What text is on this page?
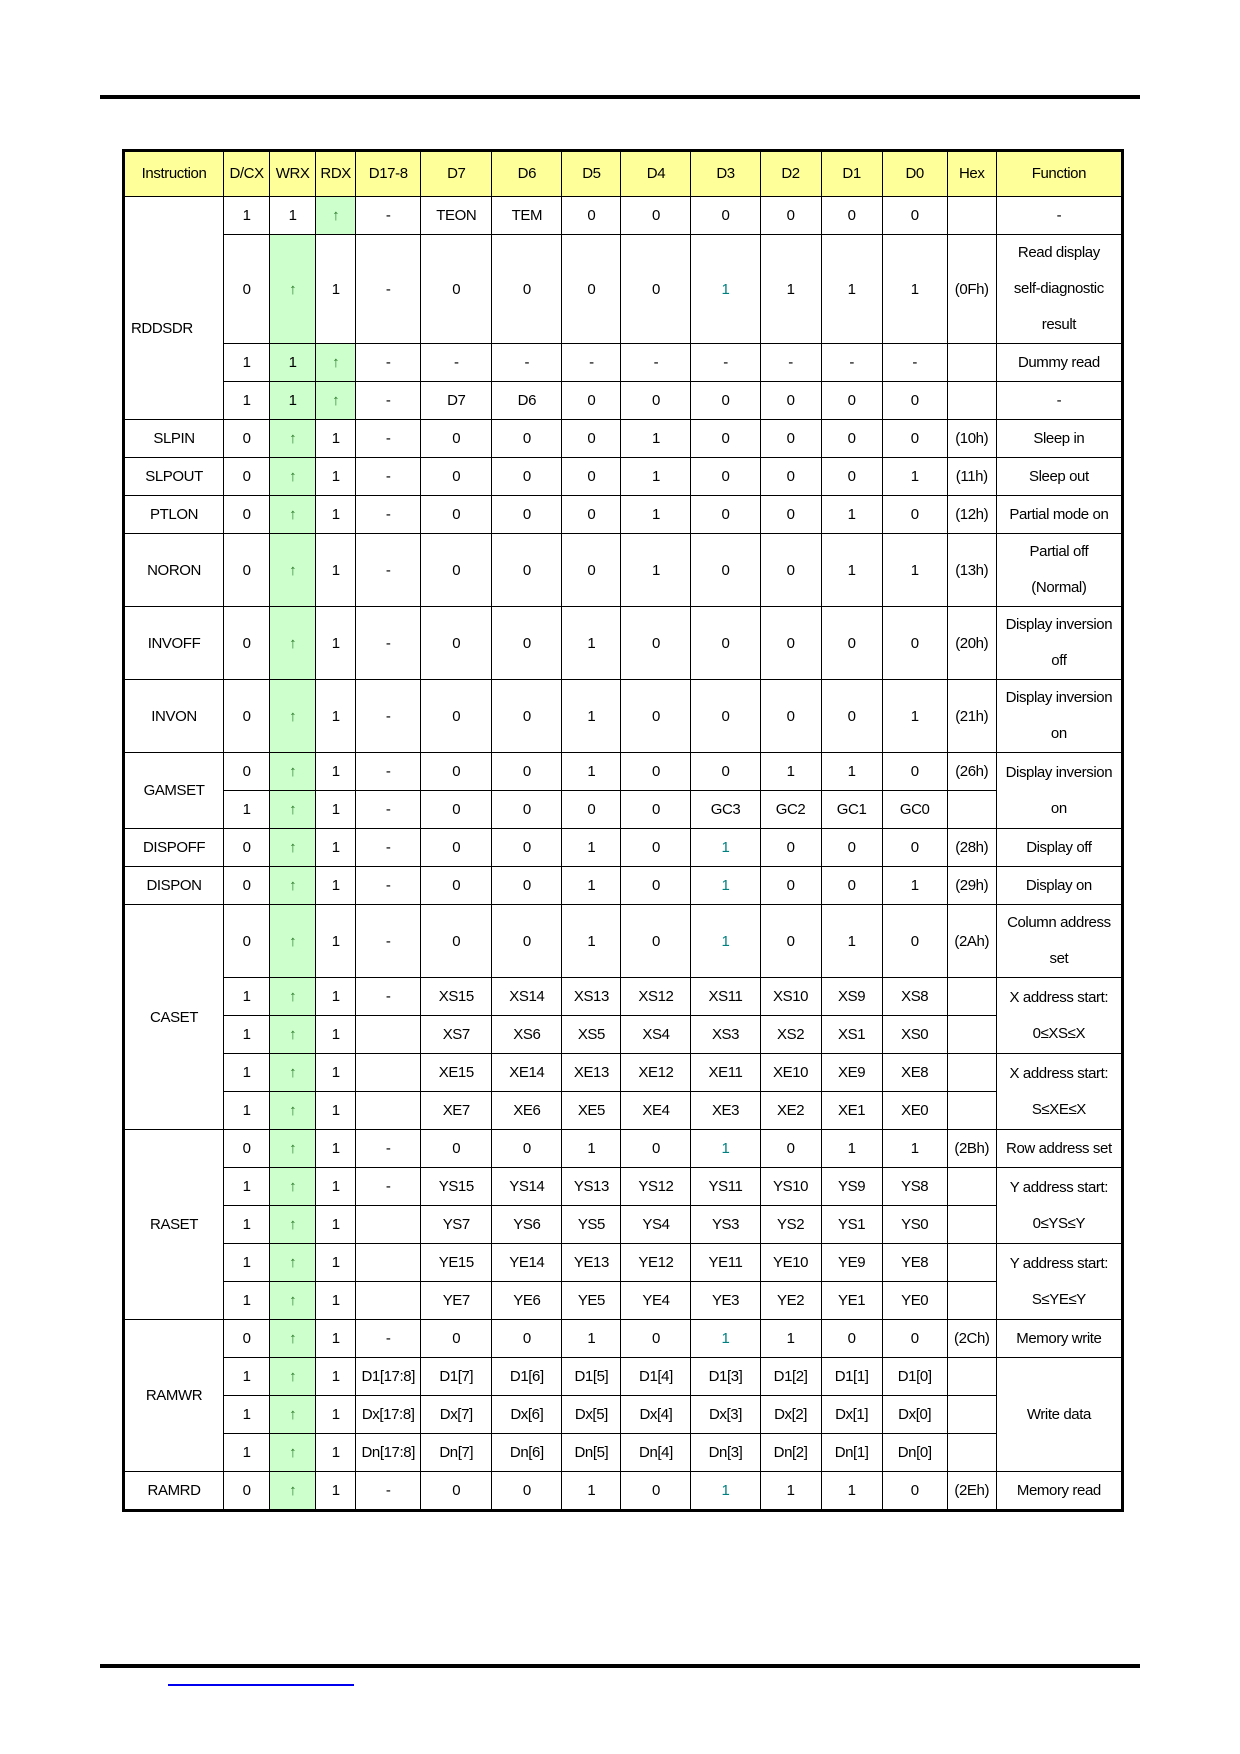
Instruction	D/CX	WRX	RDX	D17-8	D7	D6	D5	D4	D3	D2	D1	D0	Hex	Function
RDDSDR	1	1	↑	-	TEON	TEM	0	0	0	0	0	0		-
	0	↑	1	-	0	0	0	0	1	1	1	1	(0Fh)	Read display
self-diagnostic
result

	1	1	↑	-	-	-	-	-	-	-	-	-		Dummy read
	1	1	↑	-	D7	D6	0	0	0	0	0	0		-
SLPIN	0	↑	1	-	0	0	0	1	0	0	0	0	(10h)	Sleep in
SLPOUT	0	↑	1	-	0	0	0	1	0	0	0	1	(11h)	Sleep out
PTLON	0	↑	1	-	0	0	0	1	0	0	1	0	(12h)	Partial mode on
NORON	0	↑	1	-	0	0	0	1	0	0	1	1	(13h)	Partial off
(Normal)

INVOFF	0	↑	1	-	0	0	1	0	0	0	0	0	(20h)	Display inversion
off

INVON	0	↑	1	-	0	0	1	0	0	0	0	1	(21h)	Display inversion
on

GAMSET	0	↑	1	-	0	0	1	0	0	1	1	0	(26h)	Display inversion
on

	1	↑	1	-	0	0	0	0	GC3	GC2	GC1	GC0		
DISPOFF	0	↑	1	-	0	0	1	0	1	0	0	0	(28h)	Display off
DISPON	0	↑	1	-	0	0	1	0	1	0	0	1	(29h)	Display on
CASET	0	↑	1	-	0	0	1	0	1	0	1	0	(2Ah)	Column address
set

	1	↑	1	-	XS15	XS14	XS13	XS12	XS11	XS10	XS9	XS8		X address start:
0≤XS≤X

	1	↑	1		XS7	XS6	XS5	XS4	XS3	XS2	XS1	XS0		
	1	↑	1		XE15	XE14	XE13	XE12	XE11	XE10	XE9	XE8		X address start:
S≤XE≤X

	1	↑	1		XE7	XE6	XE5	XE4	XE3	XE2	XE1	XE0		
RASET	0	↑	1	-	0	0	1	0	1	0	1	1	(2Bh)	Row address set
	1	↑	1	-	YS15	YS14	YS13	YS12	YS11	YS10	YS9	YS8		Y address start:
0≤YS≤Y

	1	↑	1		YS7	YS6	YS5	YS4	YS3	YS2	YS1	YS0		
	1	↑	1		YE15	YE14	YE13	YE12	YE11	YE10	YE9	YE8		Y address start:
S≤YE≤Y

	1	↑	1		YE7	YE6	YE5	YE4	YE3	YE2	YE1	YE0		
RAMWR	0	↑	1	-	0	0	1	0	1	1	0	0	(2Ch)	Memory write
	1	↑	1	D1[17:8]	D1[7]	D1[6]	D1[5]	D1[4]	D1[3]	D1[2]	D1[1]	D1[0]		Write data
	1	↑	1	Dx[17:8]	Dx[7]	Dx[6]	Dx[5]	Dx[4]	Dx[3]	Dx[2]	Dx[1]	Dx[0]		
	1	↑	1	Dn[17:8]	Dn[7]	Dn[6]	Dn[5]	Dn[4]	Dn[3]	Dn[2]	Dn[1]	Dn[0]		
RAMRD	0	↑	1	-	0	0	1	0	1	1	1	0	(2Eh)	Memory read
